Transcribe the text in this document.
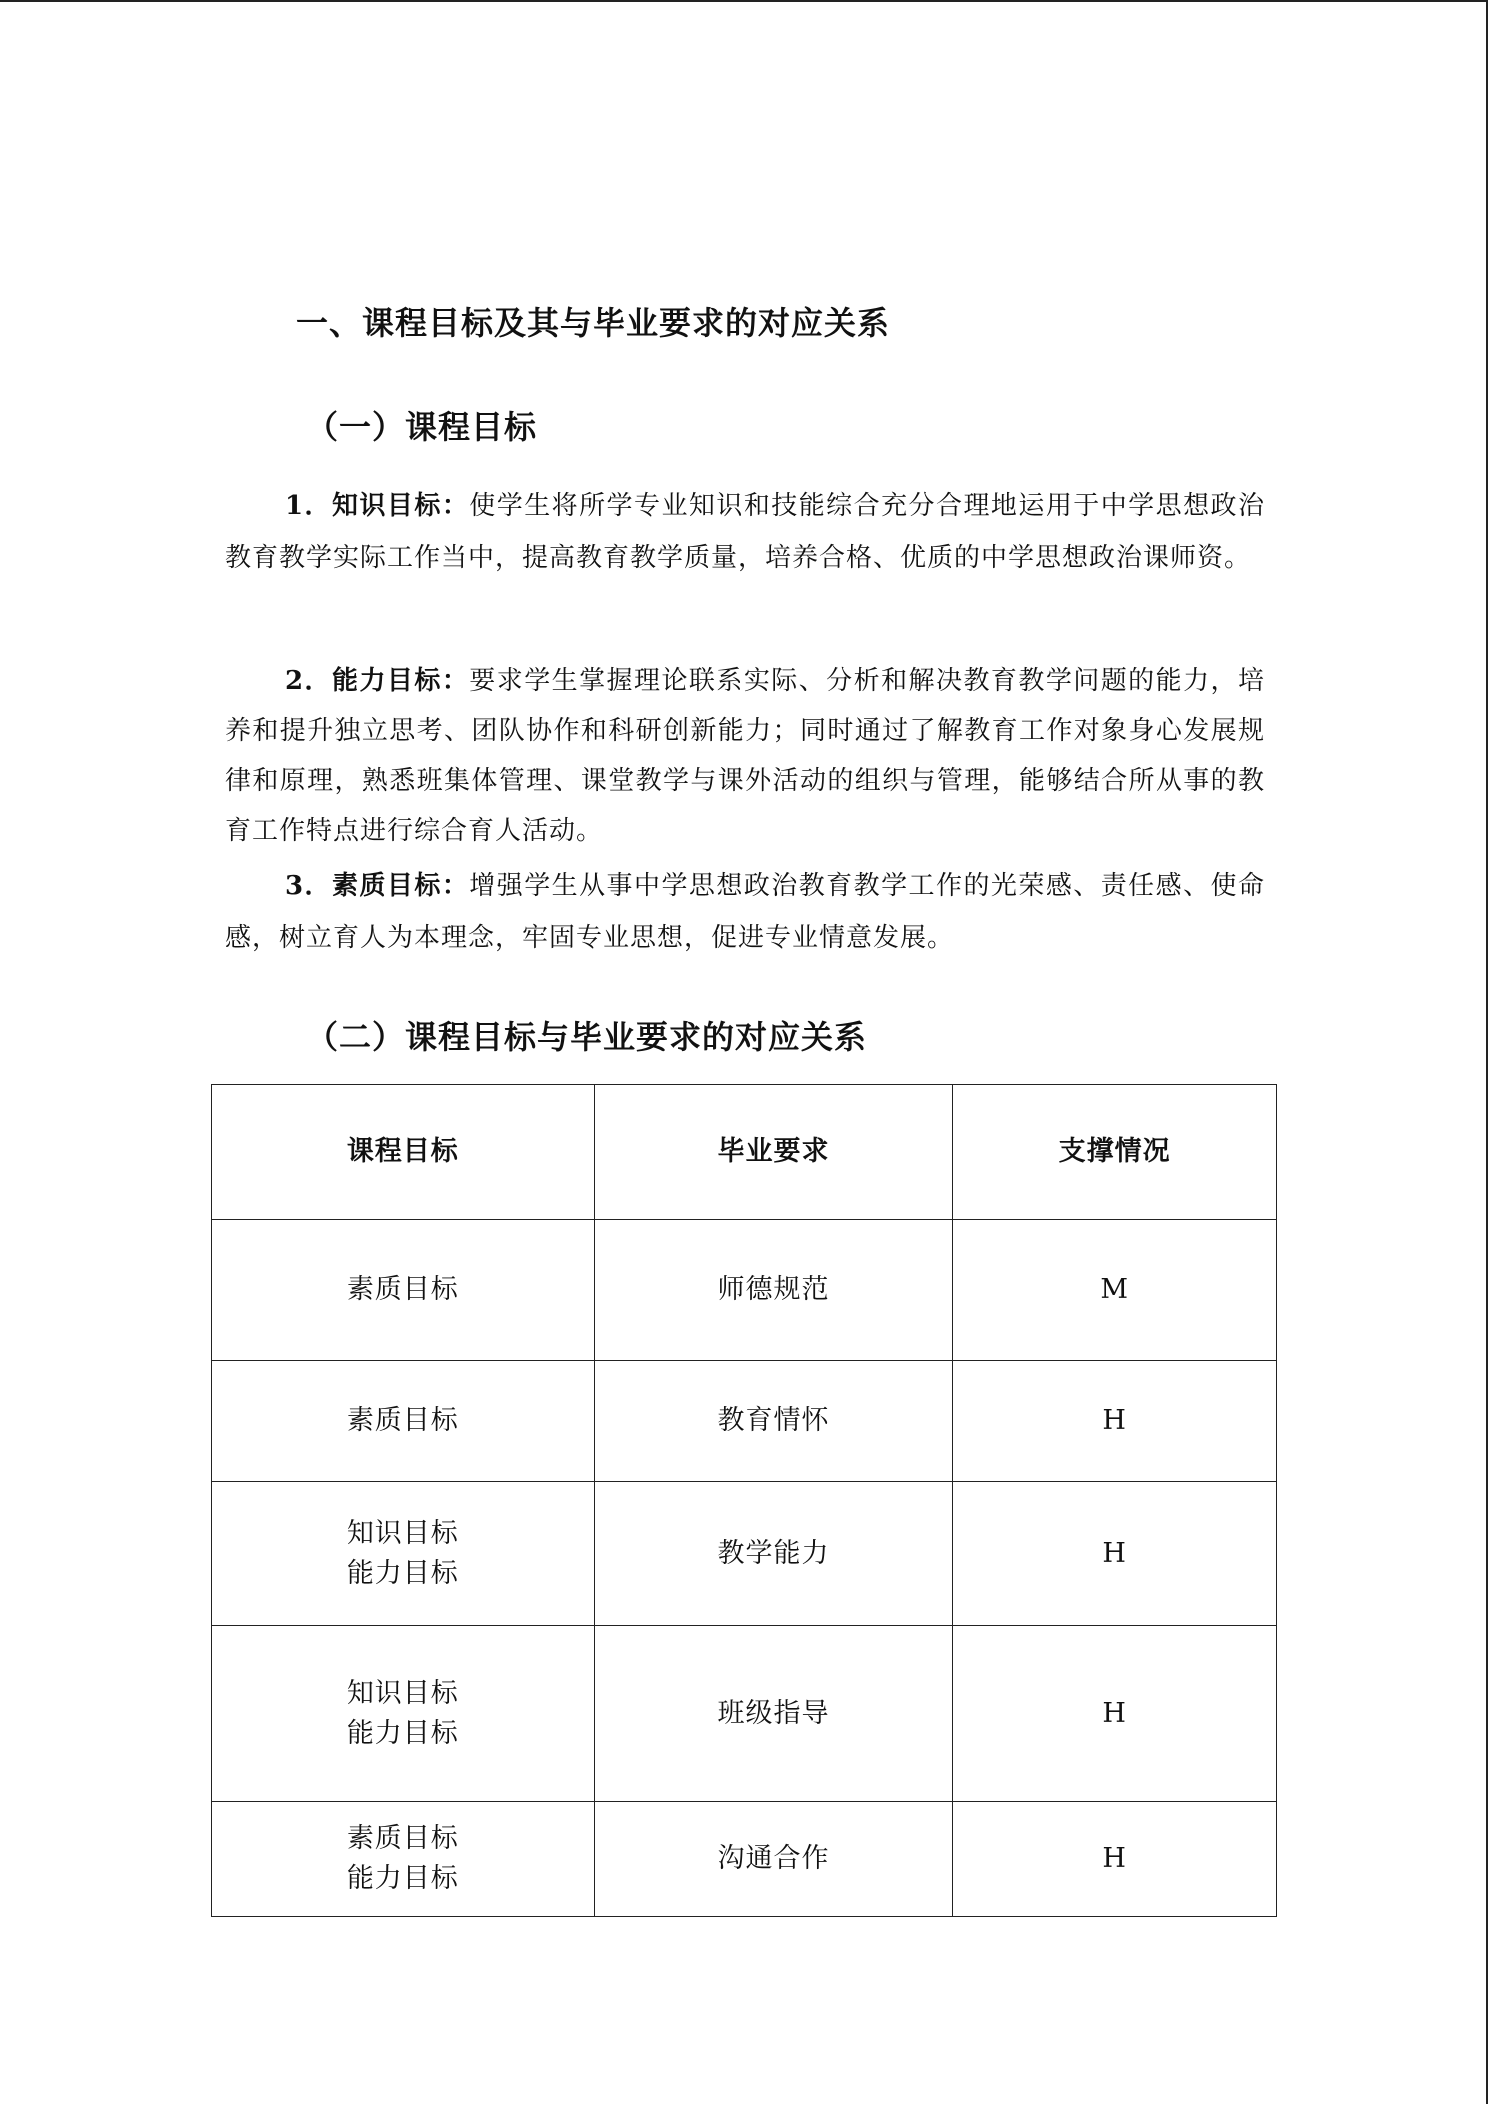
一、课程目标及其与毕业要求的对应关系
（一）课程目标

1．知识目标：使学生将所学专业知识和技能综合充分合理地运用于中学思想政治教育教学实际工作当中，提高教育教学质量，培养合格、优质的中学思想政治课师资。

2．能力目标：要求学生掌握理论联系实际、分析和解决教育教学问题的能力，培养和提升独立思考、团队协作和科研创新能力；同时通过了解教育工作对象身心发展规律和原理，熟悉班集体管理、课堂教学与课外活动的组织与管理，能够结合所从事的教育工作特点进行综合育人活动。

3．素质目标：增强学生从事中学思想政治教育教学工作的光荣感、责任感、使命感，树立育人为本理念，牢固专业思想，促进专业情意发展。

（二）课程目标与毕业要求的对应关系
课程目标	毕业要求	支撑情况

素质目标	师德规范	M

素质目标	教育情怀	H

知识目标
能力目标	教学能力	H

知识目标
能力目标	班级指导	H

素质目标
能力目标	沟通合作	H
